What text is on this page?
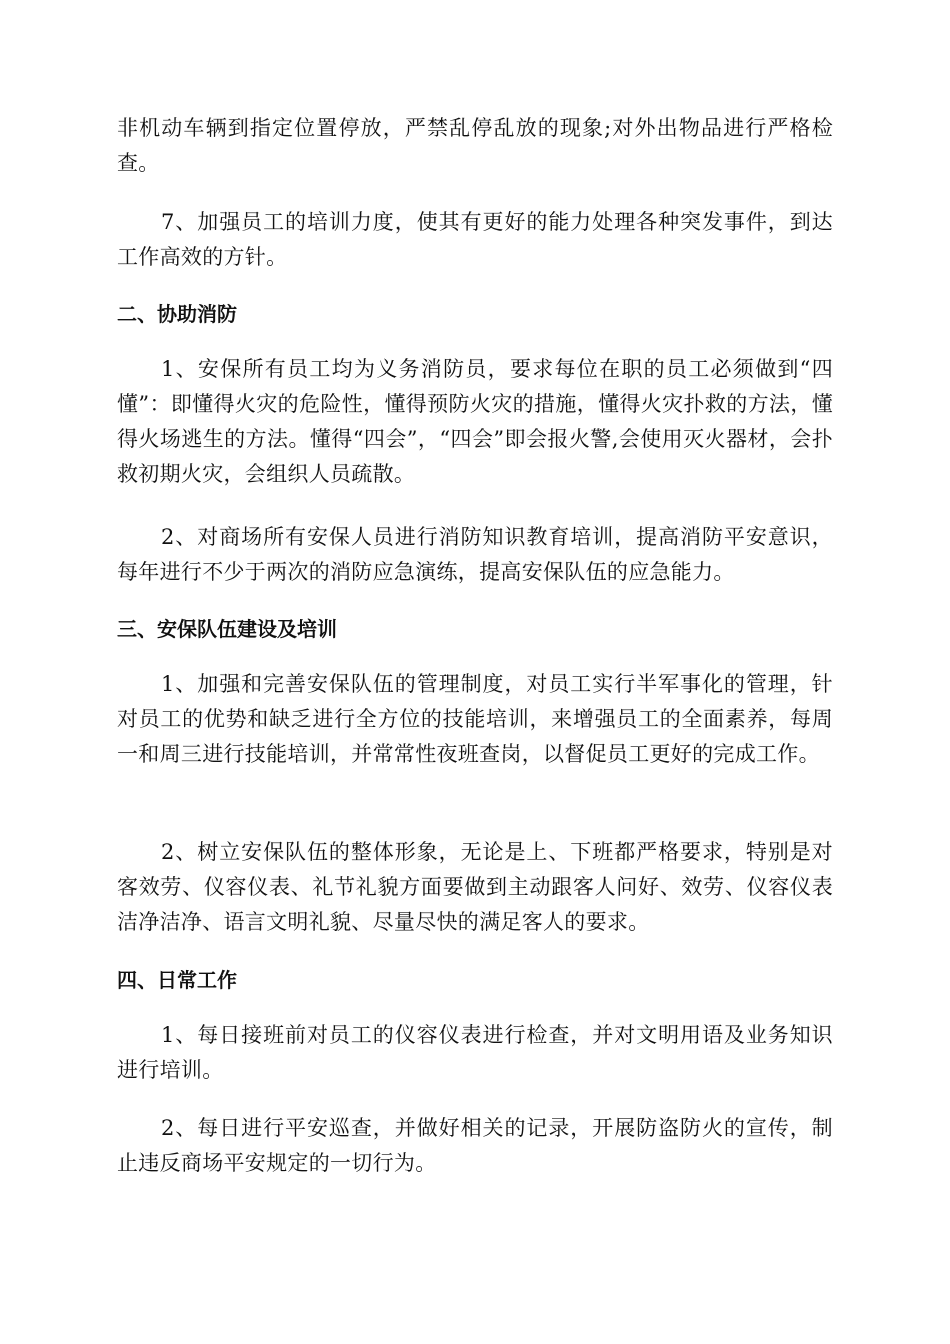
非机动车辆到指定位置停放，严禁乱停乱放的现象;对外出物品进行严格检查。

7、加强员工的培训力度，使其有更好的能力处理各种突发事件，到达工作高效的方针。

二、协助消防

1、安保所有员工均为义务消防员，要求每位在职的员工必须做到“四懂”：即懂得火灾的危险性，懂得预防火灾的措施，懂得火灾扑救的方法，懂得火场逃生的方法。懂得“四会”，“四会”即会报火警,会使用灭火器材，会扑救初期火灾，会组织人员疏散。

2、对商场所有安保人员进行消防知识教育培训，提高消防平安意识，每年进行不少于两次的消防应急演练，提高安保队伍的应急能力。

三、安保队伍建设及培训

1、加强和完善安保队伍的管理制度，对员工实行半军事化的管理，针对员工的优势和缺乏进行全方位的技能培训，来增强员工的全面素养，每周一和周三进行技能培训，并常常性夜班查岗，以督促员工更好的完成工作。

2、树立安保队伍的整体形象，无论是上、下班都严格要求，特别是对客效劳、仪容仪表、礼节礼貌方面要做到主动跟客人问好、效劳、仪容仪表洁净洁净、语言文明礼貌、尽量尽快的满足客人的要求。

四、日常工作

1、每日接班前对员工的仪容仪表进行检查，并对文明用语及业务知识进行培训。

2、每日进行平安巡查，并做好相关的记录，开展防盗防火的宣传，制止违反商场平安规定的一切行为。
